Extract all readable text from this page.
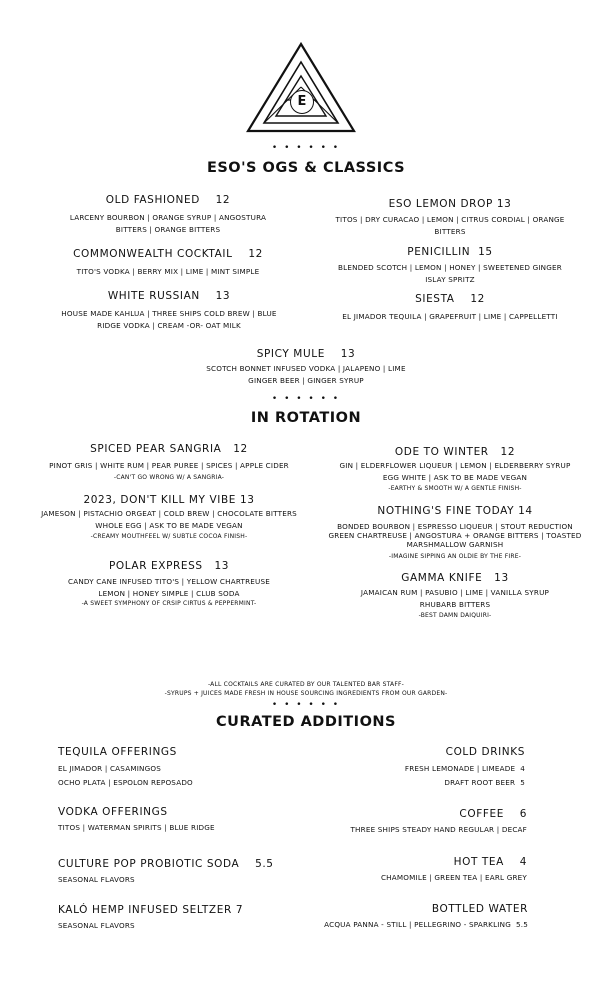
E
• • • • • •
ESO'S OGS & CLASSICS
OLD FASHIONED 12
LARCENY BOURBON | ORANGE SYRUP | ANGOSTURA
BITTERS | ORANGE BITTERS
COMMONWEALTH COCKTAIL 12
TITO'S VODKA | BERRY MIX | LIME | MINT SIMPLE
WHITE RUSSIAN 13
HOUSE MADE KAHLUA | THREE SHIPS COLD BREW | BLUE
RIDGE VODKA | CREAM -OR- OAT MILK
ESO LEMON DROP 13
TITOS | DRY CURACAO | LEMON | CITRUS CORDIAL | ORANGE
BITTERS
PENICILLIN 15
BLENDED SCOTCH | LEMON | HONEY | SWEETENED GINGER
ISLAY SPRITZ
SIESTA 12
EL JIMADOR TEQUILA | GRAPEFRUIT | LIME | CAPPELLETTI
SPICY MULE 13
SCOTCH BONNET INFUSED VODKA | JALAPENO | LIME
GINGER BEER | GINGER SYRUP
• • • • • •
IN ROTATION
SPICED PEAR SANGRIA 12
PINOT GRIS | WHITE RUM | PEAR PUREE | SPICES | APPLE CIDER
-CAN'T GO WRONG W/ A SANGRIA-
2023, DON'T KILL MY VIBE 13
JAMESON | PISTACHIO ORGEAT | COLD BREW | CHOCOLATE BITTERS
WHOLE EGG | ASK TO BE MADE VEGAN
-CREAMY MOUTHFEEL W/ SUBTLE COCOA FINISH-
POLAR EXPRESS 13
CANDY CANE INFUSED TITO'S | YELLOW CHARTREUSE
LEMON | HONEY SIMPLE | CLUB SODA
-A SWEET SYMPHONY OF CRSIP CIRTUS & PEPPERMINT-
ODE TO WINTER 12
GIN | ELDERFLOWER LIQUEUR | LEMON | ELDERBERRY SYRUP
EGG WHITE | ASK TO BE MADE VEGAN
-EARTHY & SMOOTH W/ A GENTLE FINISH-
NOTHING'S FINE TODAY 14
BONDED BOURBON | ESPRESSO LIQUEUR | STOUT REDUCTION
GREEN CHARTREUSE | ANGOSTURA + ORANGE BITTERS | TOASTED
MARSHMALLOW GARNISH
-IMAGINE SIPPING AN OLDIE BY THE FIRE-
GAMMA KNIFE 13
JAMAICAN RUM | PASUBIO | LIME | VANILLA SYRUP
RHUBARB BITTERS
-BEST DAMN DAIQUIRI-
-ALL COCKTAILS ARE CURATED BY OUR TALENTED BAR STAFF-
-SYRUPS + JUICES MADE FRESH IN HOUSE SOURCING INGREDIENTS FROM OUR GARDEN-
• • • • • •
CURATED ADDITIONS
TEQUILA OFFERINGS
EL JIMADOR | CASAMINGOS
OCHO PLATA | ESPOLON REPOSADO
VODKA OFFERINGS
TITOS | WATERMAN SPIRITS | BLUE RIDGE
CULTURE POP PROBIOTIC SODA 5.5
SEASONAL FLAVORS
KALÓ HEMP INFUSED SELTZER 7
SEASONAL FLAVORS
COLD DRINKS
FRESH LEMONADE | LIMEADE 4
DRAFT ROOT BEER 5
COFFEE 6
THREE SHIPS STEADY HAND REGULAR | DECAF
HOT TEA 4
CHAMOMILE | GREEN TEA | EARL GREY
BOTTLED WATER
ACQUA PANNA - STILL | PELLEGRINO - SPARKLING 5.5
